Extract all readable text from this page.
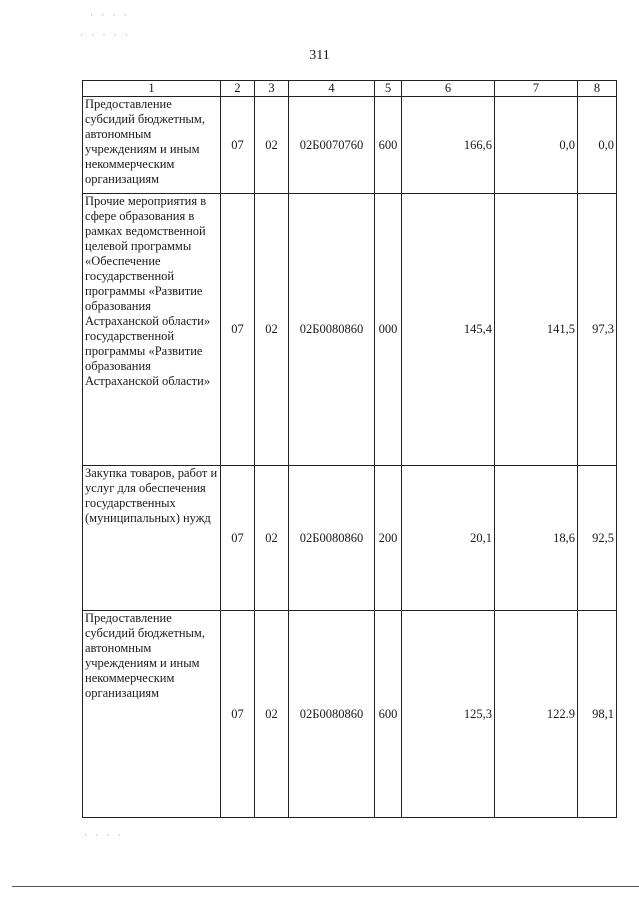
· · · ·
· · · · ·
311
1	2	3	4	5	6	7	8
Предоставление субсидий бюджетным, автономным учреждениям и иным некоммерческим организациям	07	02	02Б0070760	600	166,6	0,0	0,0
Прочие мероприятия в сфере образования в рамках ведомственной целевой программы «Обеспечение государственной программы «Развитие образования Астраханской области» государственной программы «Развитие образования Астраханской области»	07	02	02Б0080860	000	145,4	141,5	97,3
Закупка товаров, работ и услуг для обеспечения государственных (муниципальных) нужд	07	02	02Б0080860	200	20,1	18,6	92,5
Предоставление субсидий бюджетным, автономным учреждениям и иным некоммерческим организациям	07	02	02Б0080860	600	125,3	122.9	98,1
· · · ·
